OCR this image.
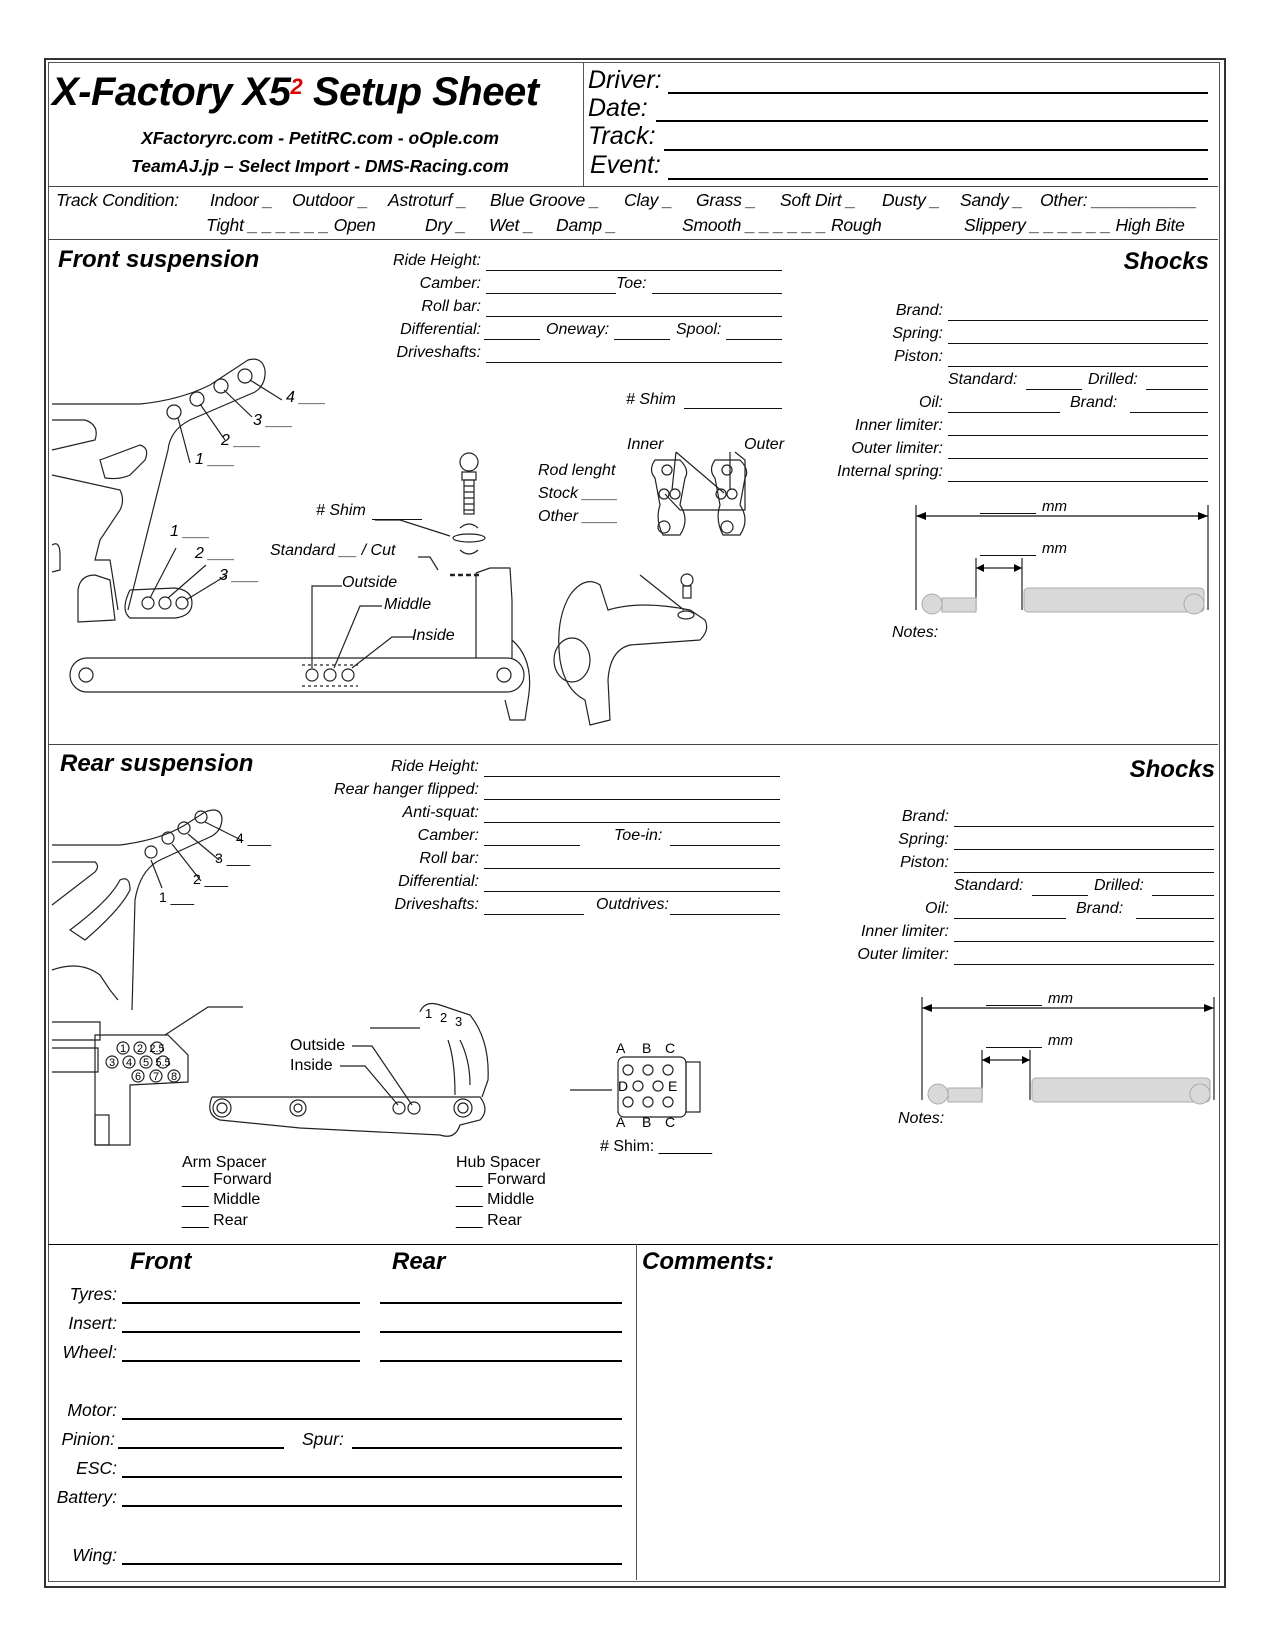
X-Factory $X5^2$ Setup Sheet
XFactoryrc.com - PetitRC.com - oOple.com
TeamAJ.jp – Select Import - DMS-Racing.com
Driver:
Date:
Track:
Event:
Track Condition: Indoor _ Outdoor _ Astroturf _ Blue Groove _ Clay _ Grass _ Soft Dirt _ Dusty _ Sandy _ Other: ___________
Tight _ _ _ _ _ _ Open	Dry _ Wet _ Damp _	Smooth _ _ _ _ _ _ Rough	Slippery _ _ _ _ _ _ High Bite
Front suspension	Ride Height:
Camber:	Toe:
Roll bar:
Differential:	Oneway:	Spool:
Driveshafts:
4 ___
3 ___
2 ___
1 ___
1 ___
2 ___
3 ___
# Shim
Standard __ / Cut
Outside
Middle
Inside
# Shim
Inner	Outer
Rod lenght
Stock ____
Other ____
Shocks
Brand:
Spring:
Piston:
Standard:	Drilled:
Oil:	Brand:
Inner limiter:
Outer limiter:
Internal spring:
mm
mm
Notes:
Rear suspension	Ride Height:
Rear hanger flipped:
Anti-squat:
Camber:	Toe-in:
Roll bar:
Differential:
Driveshafts:	Outdrives:
1 2 2.5
3 4 5 5.5
6 7 8
4 ___
3 ___
2 ___
1 ___
1 2 3
Outside
Inside
A B C
D	E
A B C
# Shim: ______
Arm Spacer
___ Forward
___ Middle
___ Rear
Hub Spacer
___ Forward
___ Middle
___ Rear
Shocks
Brand:
Spring:
Piston:
Standard:	Drilled:
Oil:	Brand:
Inner limiter:
Outer limiter:
mm
mm
Notes:
Front	Rear	Comments:
Tyres:
Insert:
Wheel:
Motor:
Pinion:	Spur:
ESC:
Battery:
Wing:
